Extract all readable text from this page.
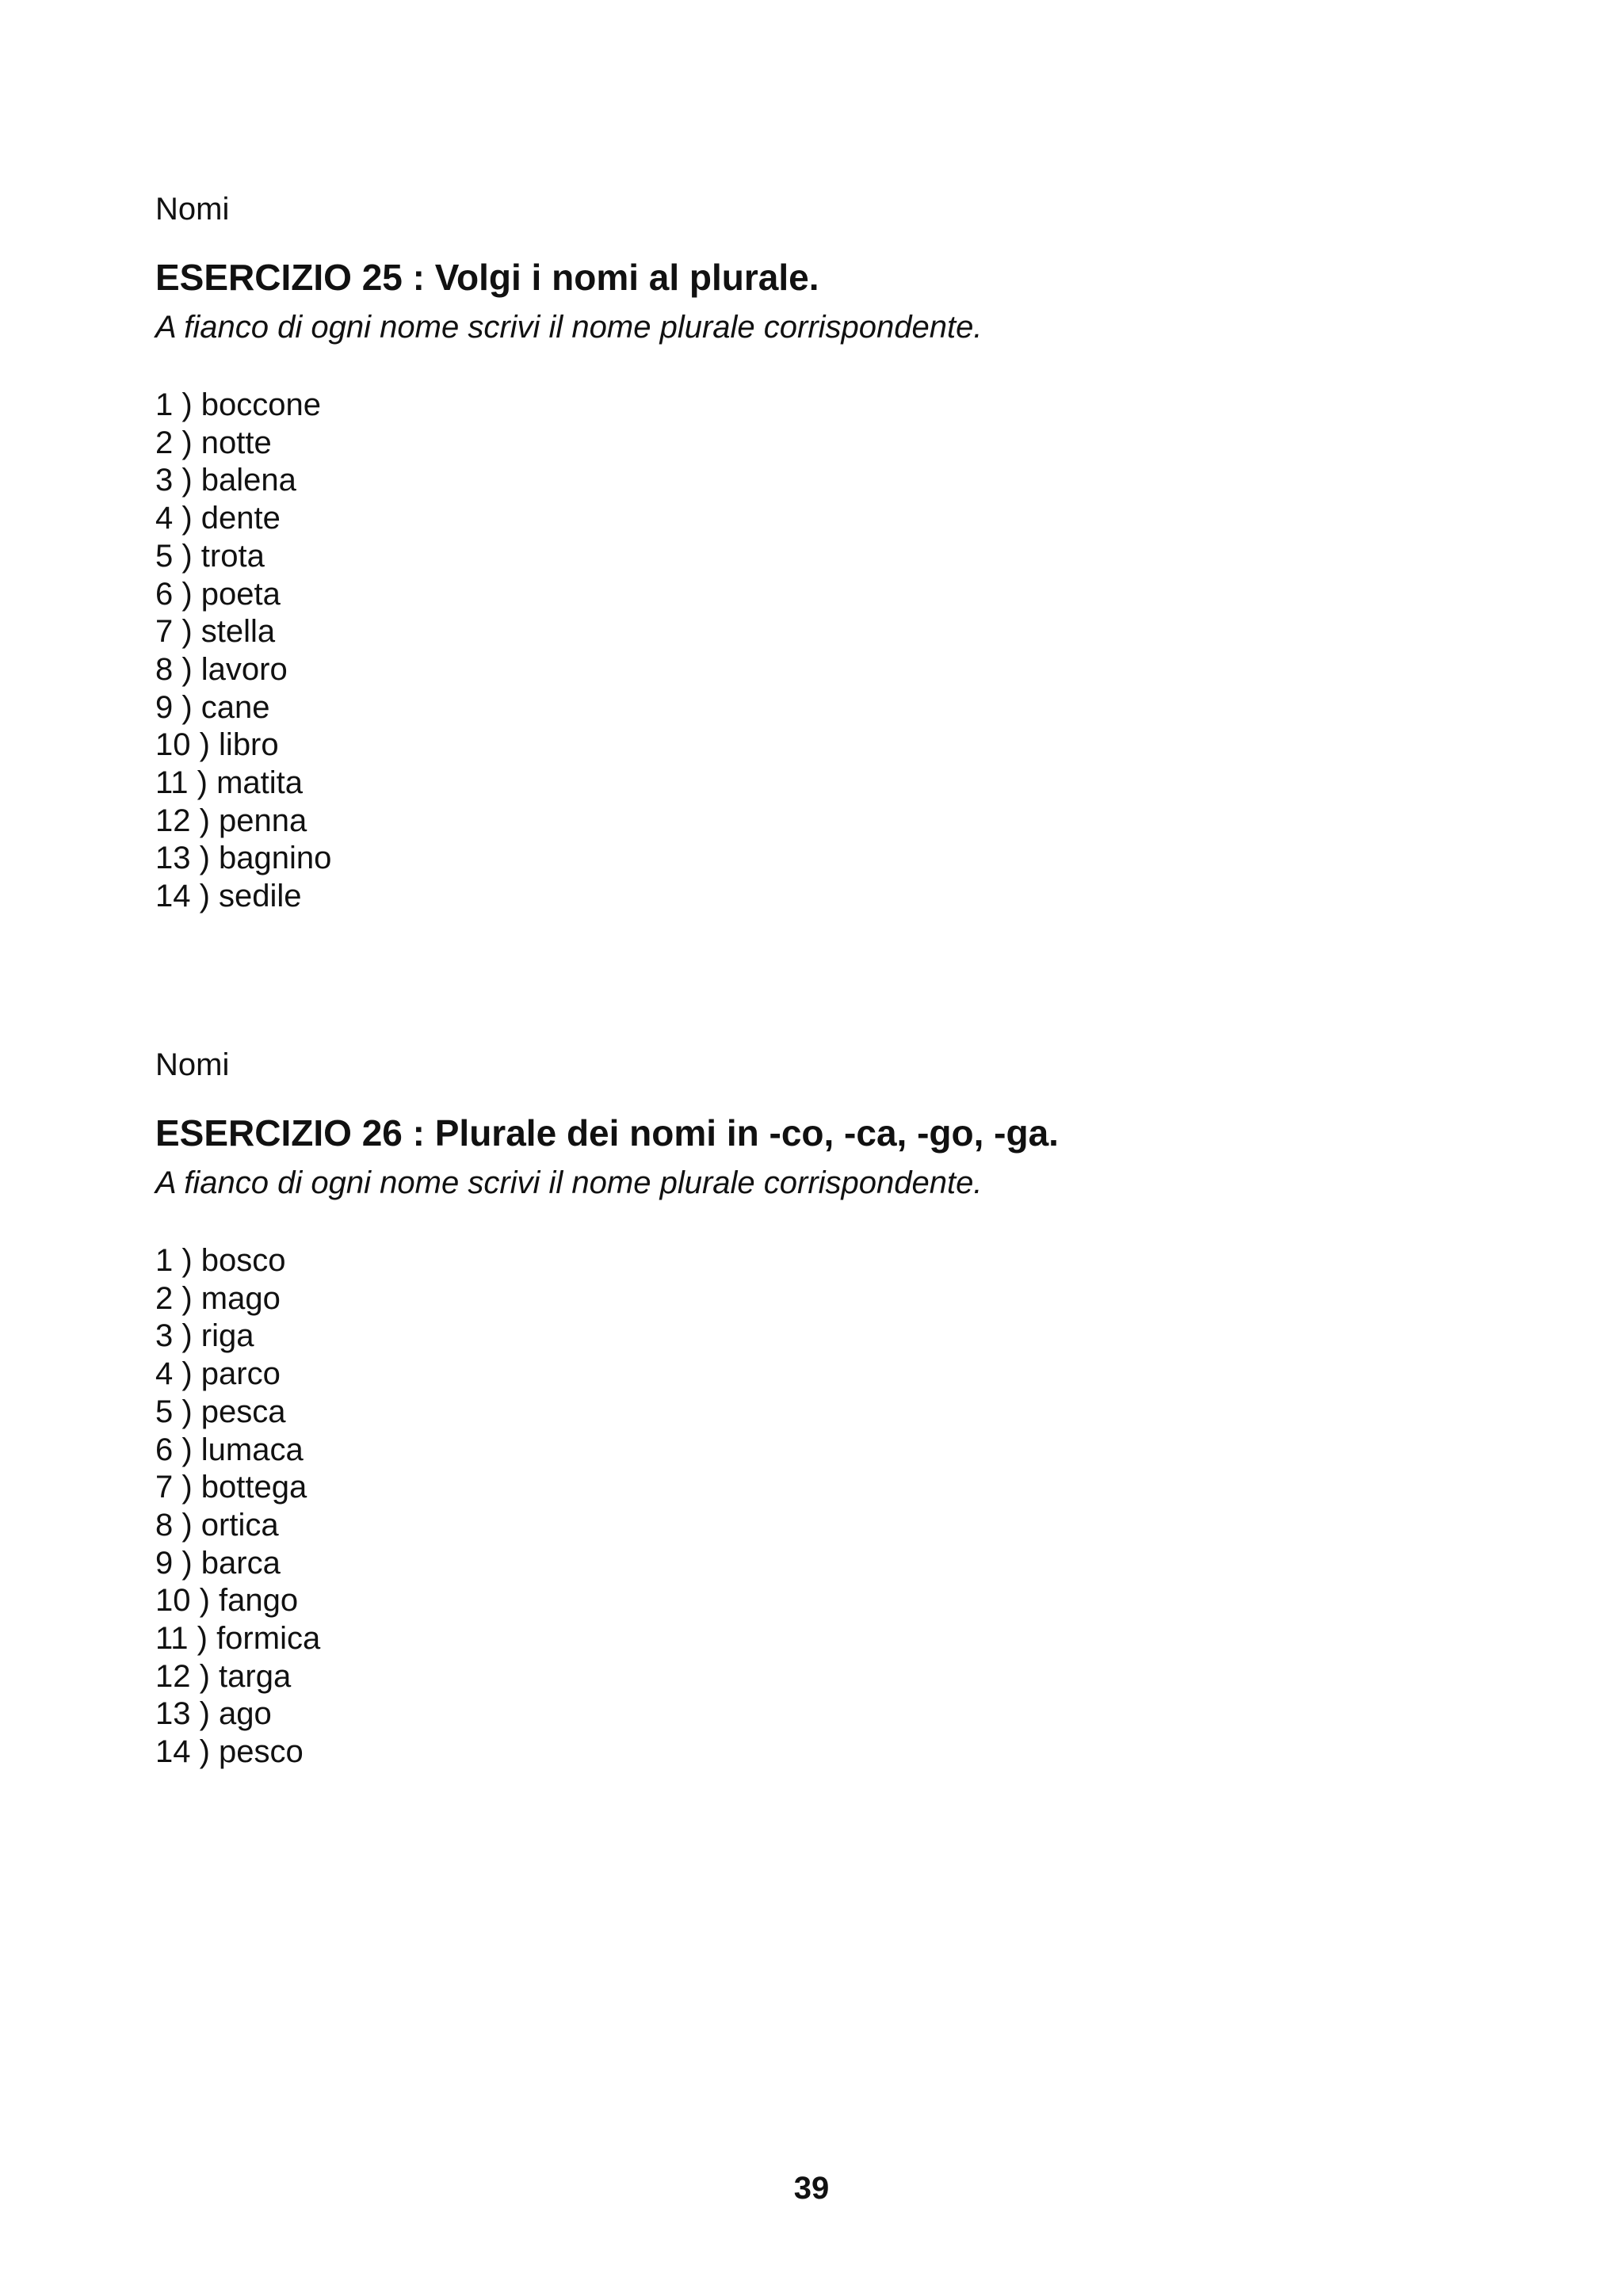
Nomi

ESERCIZIO 25 : Volgi i nomi al plurale.

A fianco di ogni nome scrivi il nome plurale corrispondente.

1 ) boccone
2 ) notte
3 ) balena
4 ) dente
5 ) trota
6 ) poeta
7 ) stella
8 ) lavoro
9 ) cane
10 ) libro
11 ) matita
12 ) penna
13 ) bagnino
14 ) sedile

Nomi

ESERCIZIO 26 : Plurale dei nomi in -co, -ca, -go, -ga.

A fianco di ogni nome scrivi il nome plurale corrispondente.

1 ) bosco
2 ) mago
3 ) riga
4 ) parco
5 ) pesca
6 ) lumaca
7 ) bottega
8 ) ortica
9 ) barca
10 ) fango
11 ) formica
12 ) targa
13 ) ago
14 ) pesco
39
